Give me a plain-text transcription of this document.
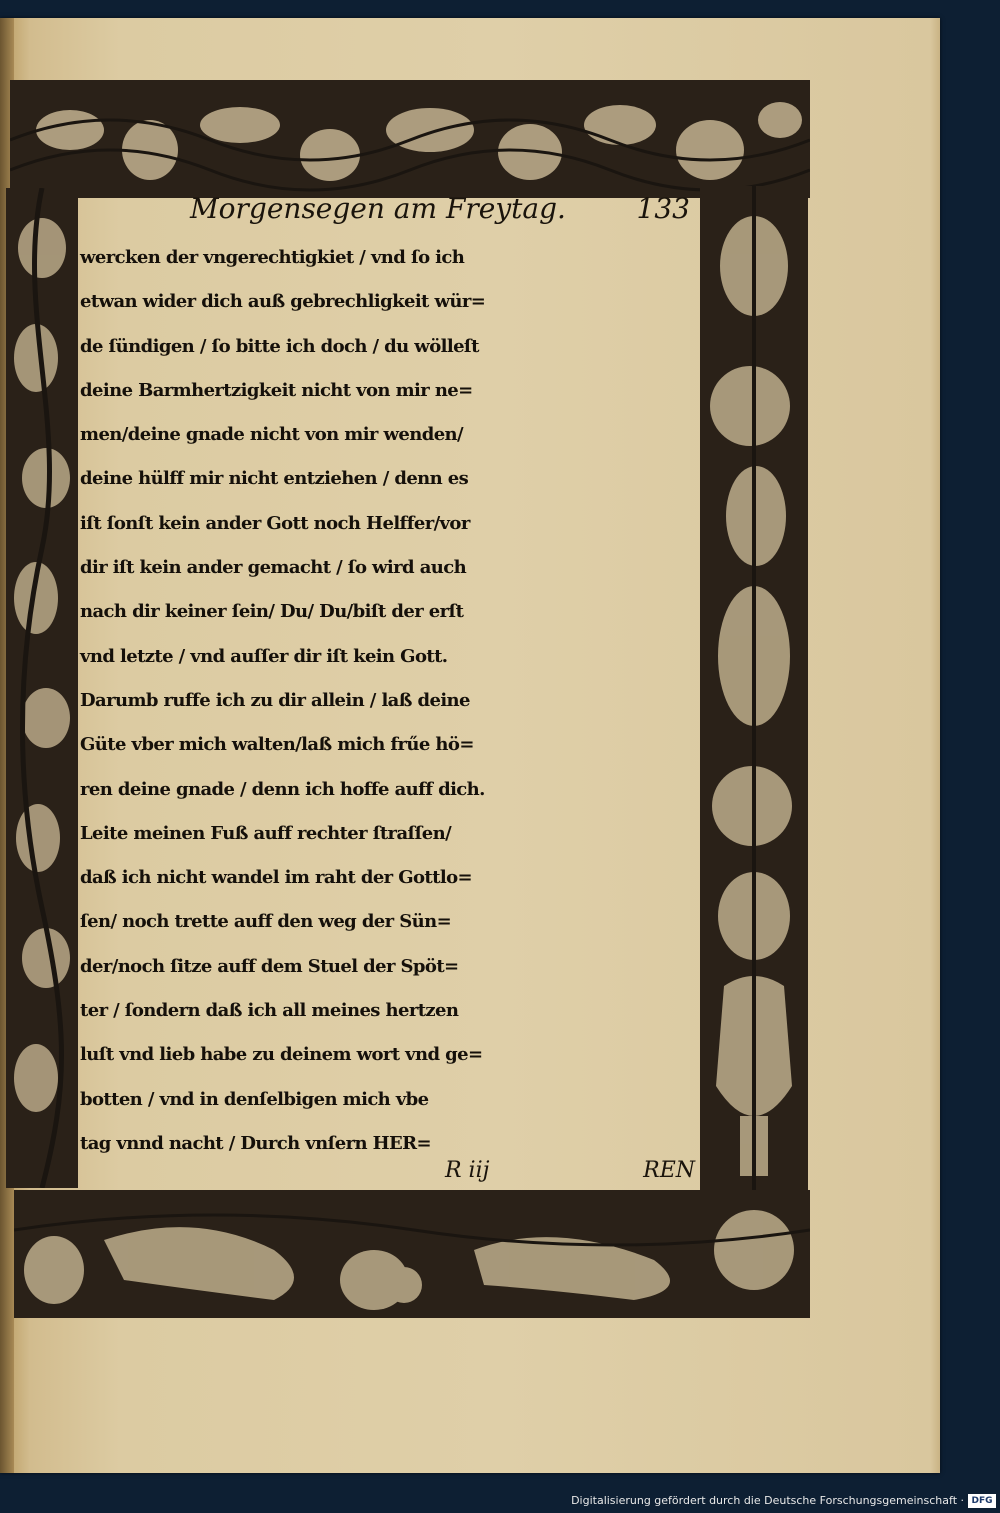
Morgensegen am Freytag.	133
wercken der vngerechtigkiet / vnd ſo ich
etwan wider dich auß gebrechligkeit wür=
de ſündigen / ſo bitte ich doch / du wölleſt
deine Barmhertzigkeit nicht von mir ne=
men/deine gnade nicht von mir wenden/
deine hülff mir nicht entziehen / denn es
iſt ſonſt kein ander Gott noch Helffer/vor
dir iſt kein ander gemacht / ſo wird auch
nach dir keiner ſein/ Du/ Du/biſt der erſt
vnd letzte / vnd auſſer dir iſt kein Gott.
Darumb ruffe ich zu dir allein / laß deine
Güte vber mich walten/laß mich frűe hö=
ren deine gnade / denn ich hoffe auff dich.
Leite meinen Fuß auff rechter ſtraſſen/
daß ich nicht wandel im raht der Gottlo=
ſen/ noch trette auff den weg der Sün=
der/noch ſitze auff dem Stuel der Spöt=
ter / ſondern daß ich all meines hertzen
luſt vnd lieb habe zu deinem wort vnd ge=
botten / vnd in denſelbigen mich vbe
tag vnnd nacht / Durch vnſern HER=
R iij	REN
Digitalisierung gefördert durch die Deutsche Forschungsgemeinschaft · DFG
